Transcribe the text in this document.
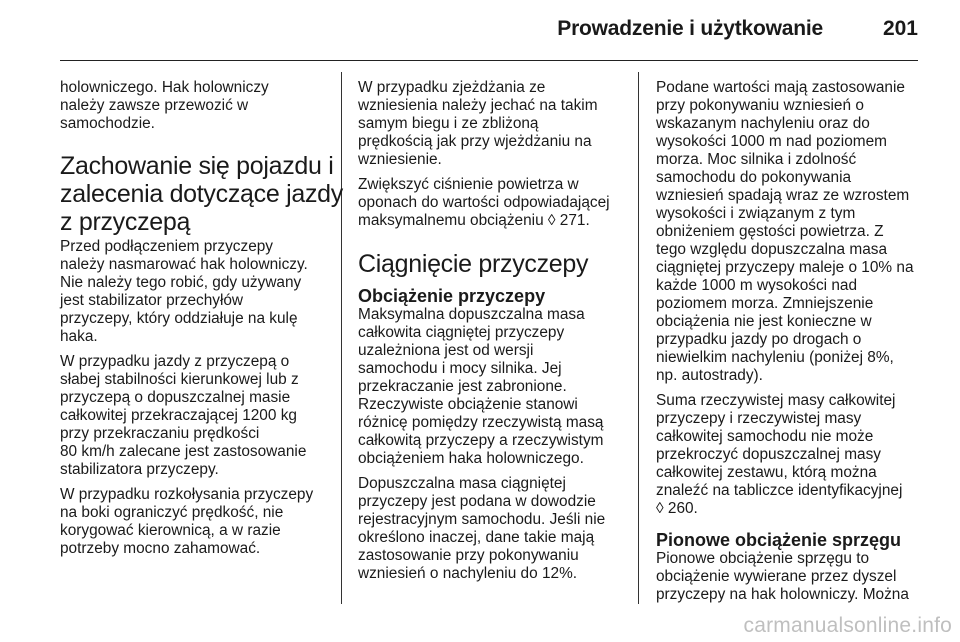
Prowadzenie i użytkowanie	201

holowniczego. Hak holowniczy
należy zawsze przewozić w
samochodzie.

Zachowanie się pojazdu i
zalecenia dotyczące jazdy
z przyczepą

Przed podłączeniem przyczepy
należy nasmarować hak holowniczy.
Nie należy tego robić, gdy używany
jest stabilizator przechyłów
przyczepy, który oddziałuje na kulę
haka.

W przypadku jazdy z przyczepą o
słabej stabilności kierunkowej lub z
przyczepą o dopuszczalnej masie
całkowitej przekraczającej 1200 kg
przy przekraczaniu prędkości
80 km/h zalecane jest zastosowanie
stabilizatora przyczepy.

W przypadku rozkołysania przyczepy
na boki ograniczyć prędkość, nie
korygować kierownicą, a w razie
potrzeby mocno zahamować.

W przypadku zjeżdżania ze
wzniesienia należy jechać na takim
samym biegu i ze zbliżoną
prędkością jak przy wjeżdżaniu na
wzniesienie.

Zwiększyć ciśnienie powietrza w
oponach do wartości odpowiadającej
maksymalnemu obciążeniu ◊ 271.

Ciągnięcie przyczepy
Obciążenie przyczepy

Maksymalna dopuszczalna masa
całkowita ciągniętej przyczepy
uzależniona jest od wersji
samochodu i mocy silnika. Jej
przekraczanie jest zabronione.
Rzeczywiste obciążenie stanowi
różnicę pomiędzy rzeczywistą masą
całkowitą przyczepy a rzeczywistym
obciążeniem haka holowniczego.

Dopuszczalna masa ciągniętej
przyczepy jest podana w dowodzie
rejestracyjnym samochodu. Jeśli nie
określono inaczej, dane takie mają
zastosowanie przy pokonywaniu
wzniesień o nachyleniu do 12%.

Podane wartości mają zastosowanie
przy pokonywaniu wzniesień o
wskazanym nachyleniu oraz do
wysokości 1000 m nad poziomem
morza. Moc silnika i zdolność
samochodu do pokonywania
wzniesień spadają wraz ze wzrostem
wysokości i związanym z tym
obniżeniem gęstości powietrza. Z
tego względu dopuszczalna masa
ciągniętej przyczepy maleje o 10% na
każde 1000 m wysokości nad
poziomem morza. Zmniejszenie
obciążenia nie jest konieczne w
przypadku jazdy po drogach o
niewielkim nachyleniu (poniżej 8%,
np. autostrady).

Suma rzeczywistej masy całkowitej
przyczepy i rzeczywistej masy
całkowitej samochodu nie może
przekroczyć dopuszczalnej masy
całkowitej zestawu, którą można
znaleźć na tabliczce identyfikacyjnej
◊ 260.

Pionowe obciążenie sprzęgu

Pionowe obciążenie sprzęgu to
obciążenie wywierane przez dyszel
przyczepy na hak holowniczy. Można

carmanualsonline.info
